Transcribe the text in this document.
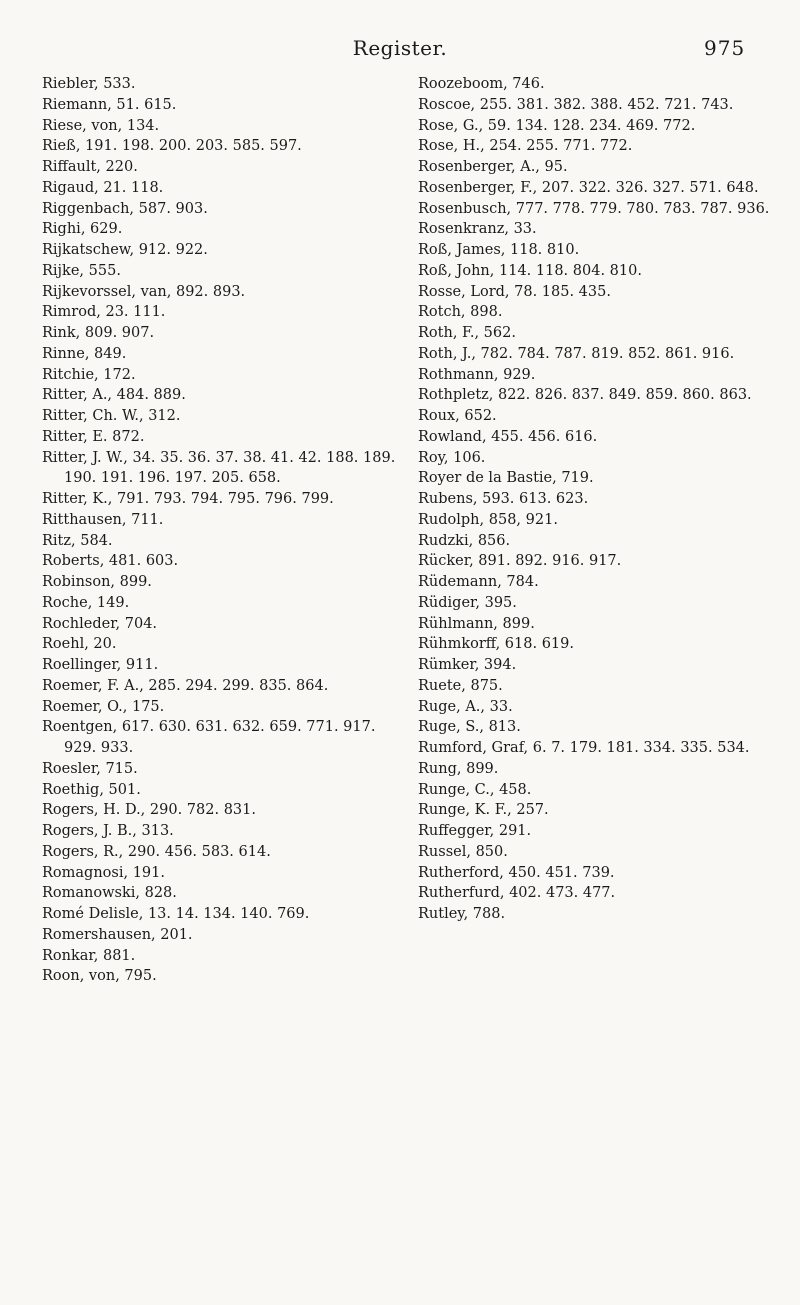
Register.	975
Riebler, 533.
Riemann, 51. 615.
Riese, von, 134.
Rieß, 191. 198. 200. 203. 585. 597.
Riffault, 220.
Rigaud, 21. 118.
Riggenbach, 587. 903.
Righi, 629.
Rijkatschew, 912. 922.
Rijke, 555.
Rijkevorssel, van, 892. 893.
Rimrod, 23. 111.
Rink, 809. 907.
Rinne, 849.
Ritchie, 172.
Ritter, A., 484. 889.
Ritter, Ch. W., 312.
Ritter, E. 872.
Ritter, J. W., 34. 35. 36. 37. 38. 41. 42. 188. 189. 190. 191. 196. 197. 205. 658.
Ritter, K., 791. 793. 794. 795. 796. 799.
Ritthausen, 711.
Ritz, 584.
Roberts, 481. 603.
Robinson, 899.
Roche, 149.
Rochleder, 704.
Roehl, 20.
Roellinger, 911.
Roemer, F. A., 285. 294. 299. 835. 864.
Roemer, O., 175.
Roentgen, 617. 630. 631. 632. 659. 771. 917. 929. 933.
Roesler, 715.
Roethig, 501.
Rogers, H. D., 290. 782. 831.
Rogers, J. B., 313.
Rogers, R., 290. 456. 583. 614.
Romagnosi, 191.
Romanowski, 828.
Romé Delisle, 13. 14. 134. 140. 769.
Romershausen, 201.
Ronkar, 881.
Roon, von, 795.
Roozeboom, 746.
Roscoe, 255. 381. 382. 388. 452. 721. 743.
Rose, G., 59. 134. 128. 234. 469. 772.
Rose, H., 254. 255. 771. 772.
Rosenberger, A., 95.
Rosenberger, F., 207. 322. 326. 327. 571. 648.
Rosenbusch, 777. 778. 779. 780. 783. 787. 936.
Rosenkranz, 33.
Roß, James, 118. 810.
Roß, John, 114. 118. 804. 810.
Rosse, Lord, 78. 185. 435.
Rotch, 898.
Roth, F., 562.
Roth, J., 782. 784. 787. 819. 852. 861. 916.
Rothmann, 929.
Rothpletz, 822. 826. 837. 849. 859. 860. 863.
Roux, 652.
Rowland, 455. 456. 616.
Roy, 106.
Royer de la Bastie, 719.
Rubens, 593. 613. 623.
Rudolph, 858, 921.
Rudzki, 856.
Rücker, 891. 892. 916. 917.
Rüdemann, 784.
Rüdiger, 395.
Rühlmann, 899.
Rühmkorff, 618. 619.
Rümker, 394.
Ruete, 875.
Ruge, A., 33.
Ruge, S., 813.
Rumford, Graf, 6. 7. 179. 181. 334. 335. 534.
Rung, 899.
Runge, C., 458.
Runge, K. F., 257.
Ruffegger, 291.
Russel, 850.
Rutherford, 450. 451. 739.
Rutherfurd, 402. 473. 477.
Rutley, 788.
